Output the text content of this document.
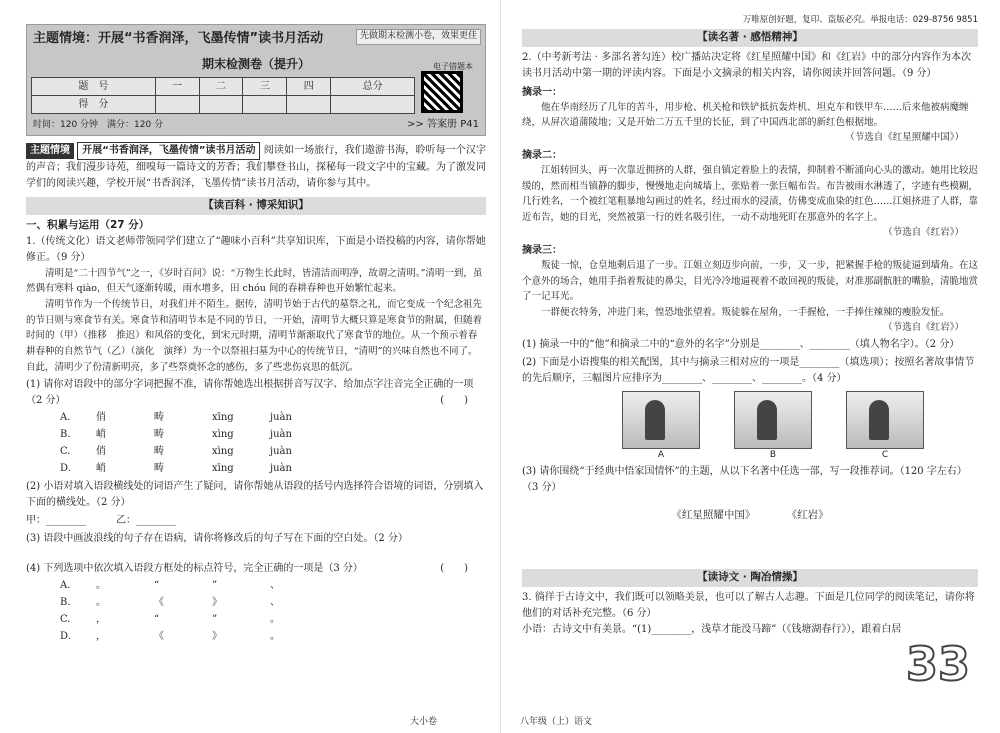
主题情境：开展“书香润泽，飞墨传情”读书月活动	先做期末检测小卷，效果更佳
期末检测卷（提升）
题　号	一	二	三	四	总分
得　分					
电子错题本
时间：120 分钟　满分：120 分	>> 答案册 P41
主题情境 开展“书香润泽，飞墨传情”读书月活动 阅读如一场旅行，我们遨游书海，聆听每一个汉字的声音；我们漫步诗苑，细嗅每一篇诗文的芳香；我们攀登书山，探秘每一段文字中的宝藏。为了激发同学们的阅读兴趣，学校开展“书香润泽，飞墨传情”读书月活动，请你参与其中。
【读百科 · 博采知识】
一、积累与运用（27 分）
1.（传统文化）语文老师带领同学们建立了“趣味小百科”共享知识库，下面是小语投稿的内容，请你帮她修正。（9 分）
清明是“二十四节气”之一，《岁时百问》说：“万物生长此时，皆清洁而明净，故谓之清明。”清明一到，虽然偶有寒料 qiào，但天气逐渐转暖，雨水增多，田 chóu 间的春耕春种也开始繁忙起来。
清明节作为一个传统节日，对我们并不陌生。据传，清明节始于古代的墓祭之礼，而它变成一个纪念祖先的节日则与寒食节有关。寒食节和清明节本是不同的节日，一开始，清明节大概只算是寒食节的附属，但随着时间的（甲）（推移　推迟）和风俗的变化，到宋元时期，清明节渐渐取代了寒食节的地位。从一个预示着春耕春种的自然节气（乙）（演化　演绎）为一个以祭祖扫墓为中心的传统节日，“清明”的兴味自然也不同了。自此，清明少了份清新明亮，多了些祭奠怀念的感伤，多了些悲伤哀思的低沉。
(1) 请你对语段中的部分字词把握不准，请你帮她选出根据拼音写汉字、给加点字注音完全正确的一项（2 分）	(　　)
A.	俏	畴	xīng	juàn
B.	峭	畴	xìng	juàn
C.	俏	畴	xìng	juàn
D.	峭	畴	xīng	juàn
(2) 小语对填入语段横线处的词语产生了疑问，请你帮她从语段的括号内选择符合语境的词语，分别填入下面的横线处。（2 分）
甲：________　　　乙：________
(3) 语段中画波浪线的句子存在语病，请你将修改后的句子写在下面的空白处。（2 分）
(4) 下列选项中依次填入语段方框处的标点符号，完全正确的一项是（3 分）	(　　)
A.	。	“	”	、
B.	。	《	》	、
C.	，	“	”	。
D.	，	《	》	。
万唯原创好题，复印、盗版必究。举报电话：029-8756 9851
【读名著 · 感悟精神】
2.（中考新考法 · 多部名著勾连）校广播站决定将《红星照耀中国》和《红岩》中的部分内容作为本次读书月活动中第一期的评读内容。下面是小文摘录的相关内容，请你阅读并回答问题。（9 分）
摘录一：
他在华南经历了几年的苦斗，用步枪、机关枪和铁铲抵抗轰炸机、坦克车和铁甲车……后来他被病魔缠绕，从屏次道蒲陵地；又是开始二万五千里的长征，到了中国西北部的新红色根据地。
（节选自《红星照耀中国》）
摘录二：
江姐转回头，再一次靠近拥挤的人群，强自镇定着脸上的表情，抑制着不断涌向心头的激动。她用比较迟缓的，然而相当镇静的脚步，慢慢地走向城墙上，张贴着一张巨幅布告。布告被雨水淋透了，字迹有些模糊，几行姓名，一个被红笔粗暴地勾画过的姓名，经过雨水的浸渍，仿佛变成血染的红色……江姐挤进了人群，靠近布告，她的目光，突然被第一行的姓名吸引住，一动不动地死盯在那意外的名字上。
（节选自《红岩》）
摘录三：
叛徒一惊，仓皇地剩后退了一步。江姐立刻迈步向前，一步，又一步，把紧握手枪的叛徒逼到墙角。在这个意外的场合，她用手指着叛徒的鼻尖，目光冷冷地逼视着不敢回视的叛徒，对准那副骯脏的嘴脸，清脆地赏了一记耳光。
一群便衣特务，冲进门来，惶恐地张望着。叛徒躲在屋角，一手握枪，一手捧住辣辣的瘦脸发怔。
（节选自《红岩》）
(1) 摘录一中的“他”和摘录二中的“意外的名字”分别是________、________（填人物名字）。（2 分）
(2) 下面是小语搜集的相关配图，其中与摘录三相对应的一项是________（填选项）；按照名著故事情节的先后顺序，三幅图片应排序为________、________、________。（4 分）
A	B	C
(3) 请你围绕“于经典中悟家国情怀”的主题，从以下名著中任选一部，写一段推荐词。（120 字左右）（3 分）
《红星照耀中国》	《红岩》
【读诗文 · 陶冶情操】
3. 徜徉于古诗文中，我们既可以领略美景，也可以了解古人志趣。下面是几位同学的阅读笔记，请你将他们的对话补充完整。（6 分）
小语：古诗文中有美景。“(1)________，浅草才能没马蹄”（《钱塘湖春行》），跟着白居
33
大小卷	八年级（上）语文
